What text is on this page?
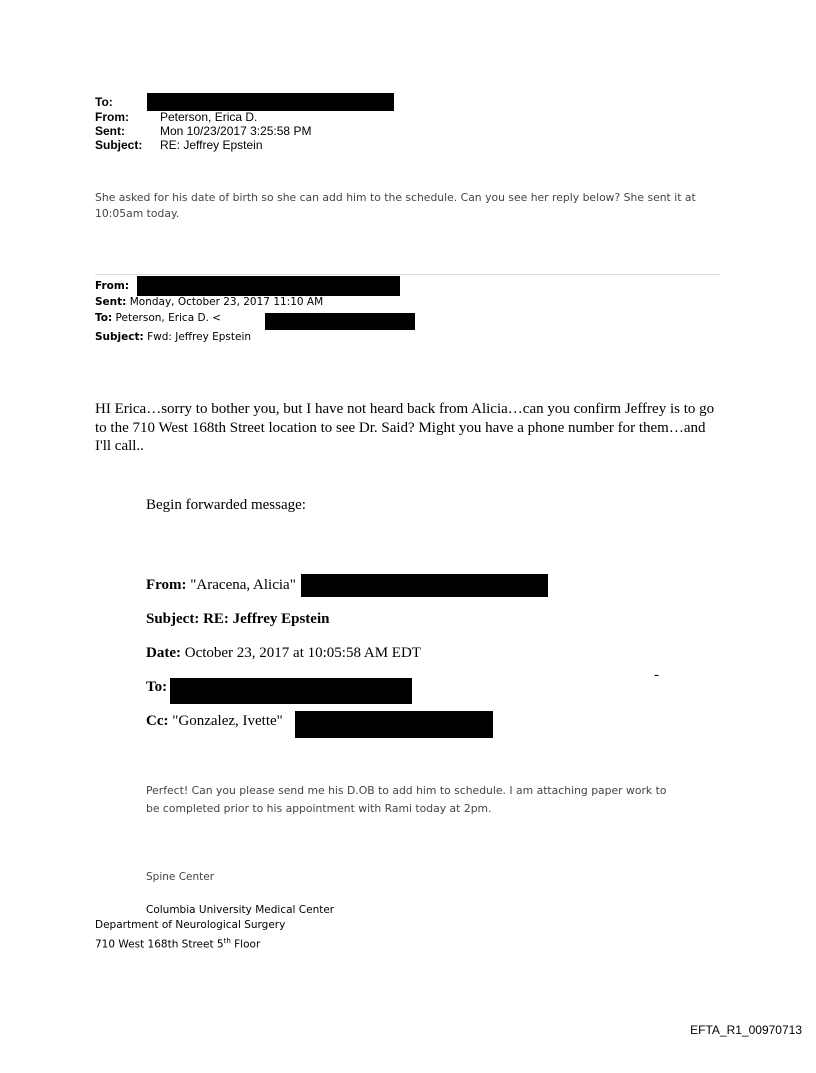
To:
From:	Peterson, Erica D.
Sent:	Mon 10/23/2017 3:25:58 PM
Subject: RE: Jeffrey Epstein
She asked for his date of birth so she can add him to the schedule. Can you see her reply below? She sent it at 10:05am today.
From:
Sent: Monday, October 23, 2017 11:10 AM
To: Peterson, Erica D. <
Subject: Fwd: Jeffrey Epstein
HI Erica…sorry to bother you, but I have not heard back from Alicia…can you confirm Jeffrey is to go to the 710 West 168th Street location to see Dr. Said? Might you have a phone number for them…and I'll call..
Begin forwarded message:
From: "Aracena, Alicia"
Subject: RE: Jeffrey Epstein
Date: October 23, 2017 at 10:05:58 AM EDT
To:
-
Cc: "Gonzalez, Ivette"
Perfect! Can you please send me his D.OB to add him to schedule. I am attaching paper work to be completed prior to his appointment with Rami today at 2pm.
Spine Center
Columbia University Medical Center
Department of Neurological Surgery
710 West 168th Street 5th Floor
EFTA_R1_00970713
